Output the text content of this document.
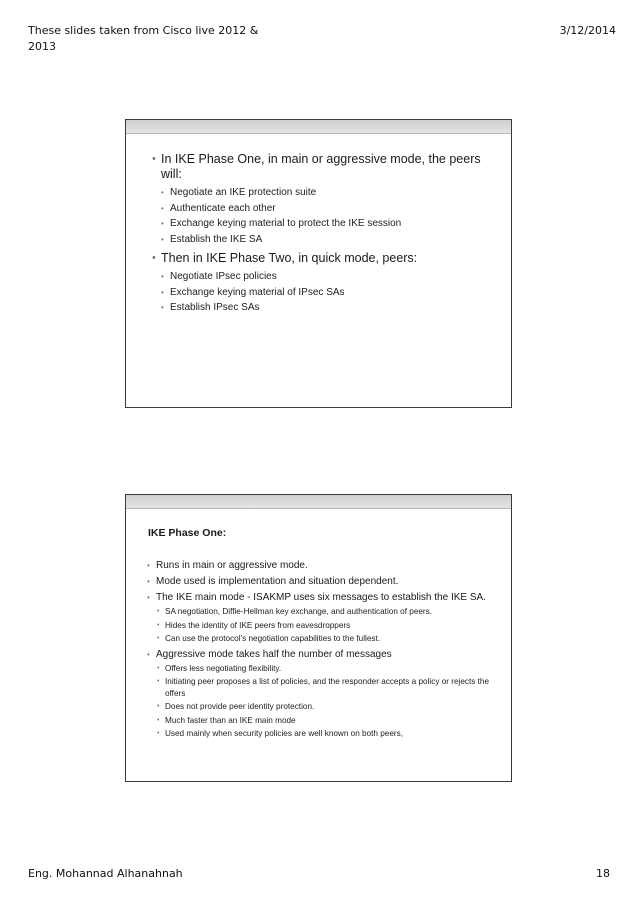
These slides taken from Cisco live 2012 & 2013
3/12/2014
• In IKE Phase One, in main or aggressive mode, the peers will:
• Negotiate an IKE protection suite
• Authenticate each other
• Exchange keying material to protect the IKE session
• Establish the IKE SA
• Then in IKE Phase Two, in quick mode, peers:
• Negotiate IPsec policies
• Exchange keying material of IPsec SAs
• Establish IPsec SAs
IKE Phase One:
• Runs in main or aggressive mode.
• Mode used is implementation and situation dependent.
• The IKE main mode - ISAKMP uses six messages to establish the IKE SA.
• SA negotiation, Diffie-Hellman key exchange, and authentication of peers.
• Hides the identity of IKE peers from eavesdroppers
• Can use the protocol's negotiation capabilities to the fullest.
• Aggressive mode takes half the number of messages
• Offers less negotiating flexibility.
• Initiating peer proposes a list of policies, and the responder accepts a policy or rejects the offers
• Does not provide peer identity protection.
• Much faster than an IKE main mode
• Used mainly when security policies are well known on both peers,
Eng. Mohannad Alhanahnah	18
